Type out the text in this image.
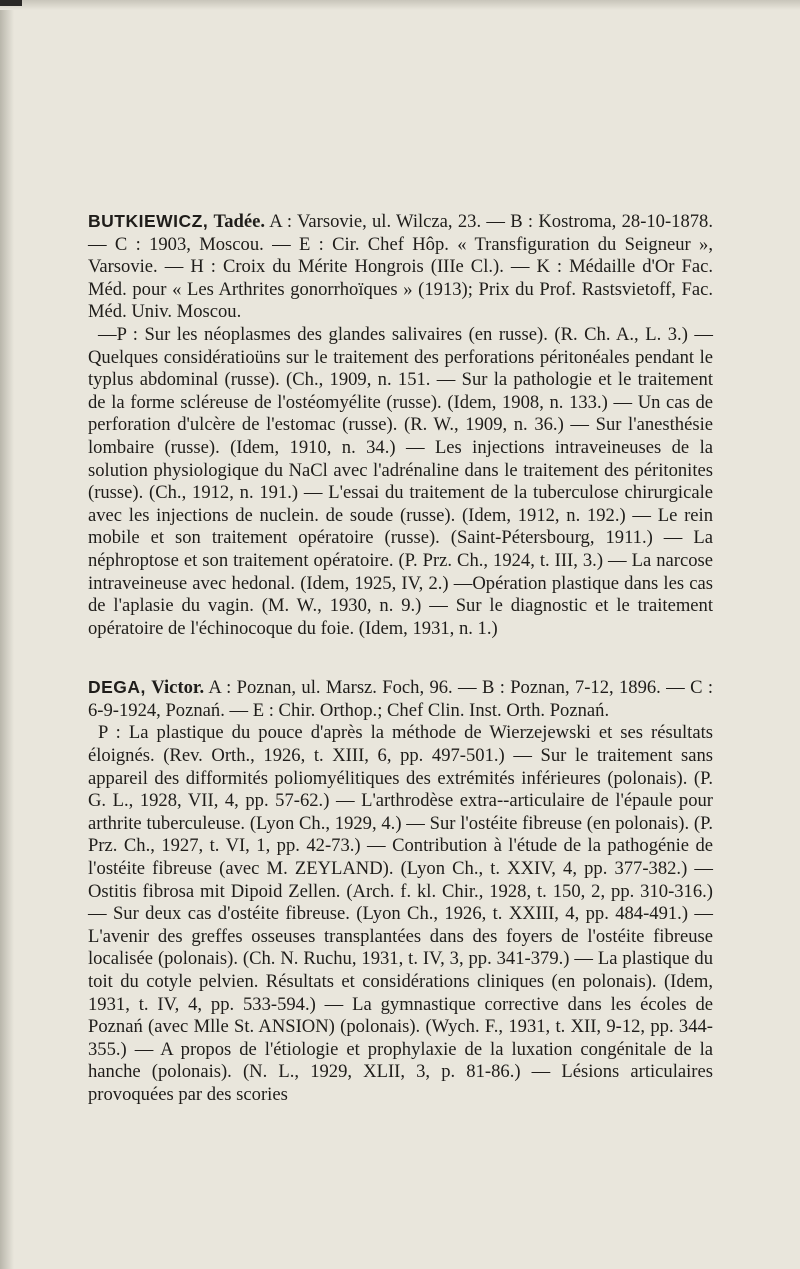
BUTKIEWICZ, Tadée. A : Varsovie, ul. Wilcza, 23. — B : Kostroma, 28-10-1878. — C : 1903, Moscou. — E : Cir. Chef Hôp. « Transfiguration du Seigneur », Varsovie. — H : Croix du Mérite Hongrois (IIIe Cl.). — K : Médaille d'Or Fac. Méd. pour « Les Arthrites gonorrhoïques » (1913); Prix du Prof. Rastsvietoff, Fac. Méd. Univ. Moscou.

—P : Sur les néoplasmes des glandes salivaires (en russe). (R. Ch. A., L. 3.) — Quelques considératioüns sur le traitement des perforations péritonéales pendant le typlus abdominal (russe). (Ch., 1909, n. 151. — Sur la pathologie et le traitement de la forme scléreuse de l'ostéomyélite (russe). (Idem, 1908, n. 133.) — Un cas de perforation d'ulcère de l'estomac (russe). (R. W., 1909, n. 36.) — Sur l'anesthésie lombaire (russe). (Idem, 1910, n. 34.) — Les injections intraveineuses de la solution physiologique du NaCl avec l'adrénaline dans le traitement des péritonites (russe). (Ch., 1912, n. 191.) — L'essai du traitement de la tuberculose chirurgicale avec les injections de nuclein. de soude (russe). (Idem, 1912, n. 192.) — Le rein mobile et son traitement opératoire (russe). (Saint-Pétersbourg, 1911.) — La néphroptose et son traitement opératoire. (P. Prz. Ch., 1924, t. III, 3.) — La narcose intraveineuse avec hedonal. (Idem, 1925, IV, 2.) —Opération plastique dans les cas de l'aplasie du vagin. (M. W., 1930, n. 9.) — Sur le diagnostic et le traitement opératoire de l'échinocoque du foie. (Idem, 1931, n. 1.)

DEGA, Victor. A : Poznan, ul. Marsz. Foch, 96. — B : Poznan, 7-12, 1896. — C : 6-9-1924, Poznań. — E : Chir. Orthop.; Chef Clin. Inst. Orth. Poznań.

P : La plastique du pouce d'après la méthode de Wierzejewski et ses résultats éloignés. (Rev. Orth., 1926, t. XIII, 6, pp. 497-501.) — Sur le traitement sans appareil des difformités poliomyélitiques des extrémités inférieures (polonais). (P. G. L., 1928, VII, 4, pp. 57-62.) — L'arthrodèse extra--articulaire de l'épaule pour arthrite tuberculeuse. (Lyon Ch., 1929, 4.) — Sur l'ostéite fibreuse (en polonais). (P. Prz. Ch., 1927, t. VI, 1, pp. 42-73.) — Contribution à l'étude de la pathogénie de l'ostéite fibreuse (avec M. ZEYLAND). (Lyon Ch., t. XXIV, 4, pp. 377-382.) — Ostitis fibrosa mit Dipoid Zellen. (Arch. f. kl. Chir., 1928, t. 150, 2, pp. 310-316.) — Sur deux cas d'ostéite fibreuse. (Lyon Ch., 1926, t. XXIII, 4, pp. 484-491.) — L'avenir des greffes osseuses transplantées dans des foyers de l'ostéite fibreuse localisée (polonais). (Ch. N. Ruchu, 1931, t. IV, 3, pp. 341-379.) — La plastique du toit du cotyle pelvien. Résultats et considérations cliniques (en polonais). (Idem, 1931, t. IV, 4, pp. 533-594.) — La gymnastique corrective dans les écoles de Poznań (avec Mlle St. ANSION) (polonais). (Wych. F., 1931, t. XII, 9-12, pp. 344-355.) — A propos de l'étiologie et prophylaxie de la luxation congénitale de la hanche (polonais). (N. L., 1929, XLII, 3, p. 81-86.) — Lésions articulaires provoquées par des scories
